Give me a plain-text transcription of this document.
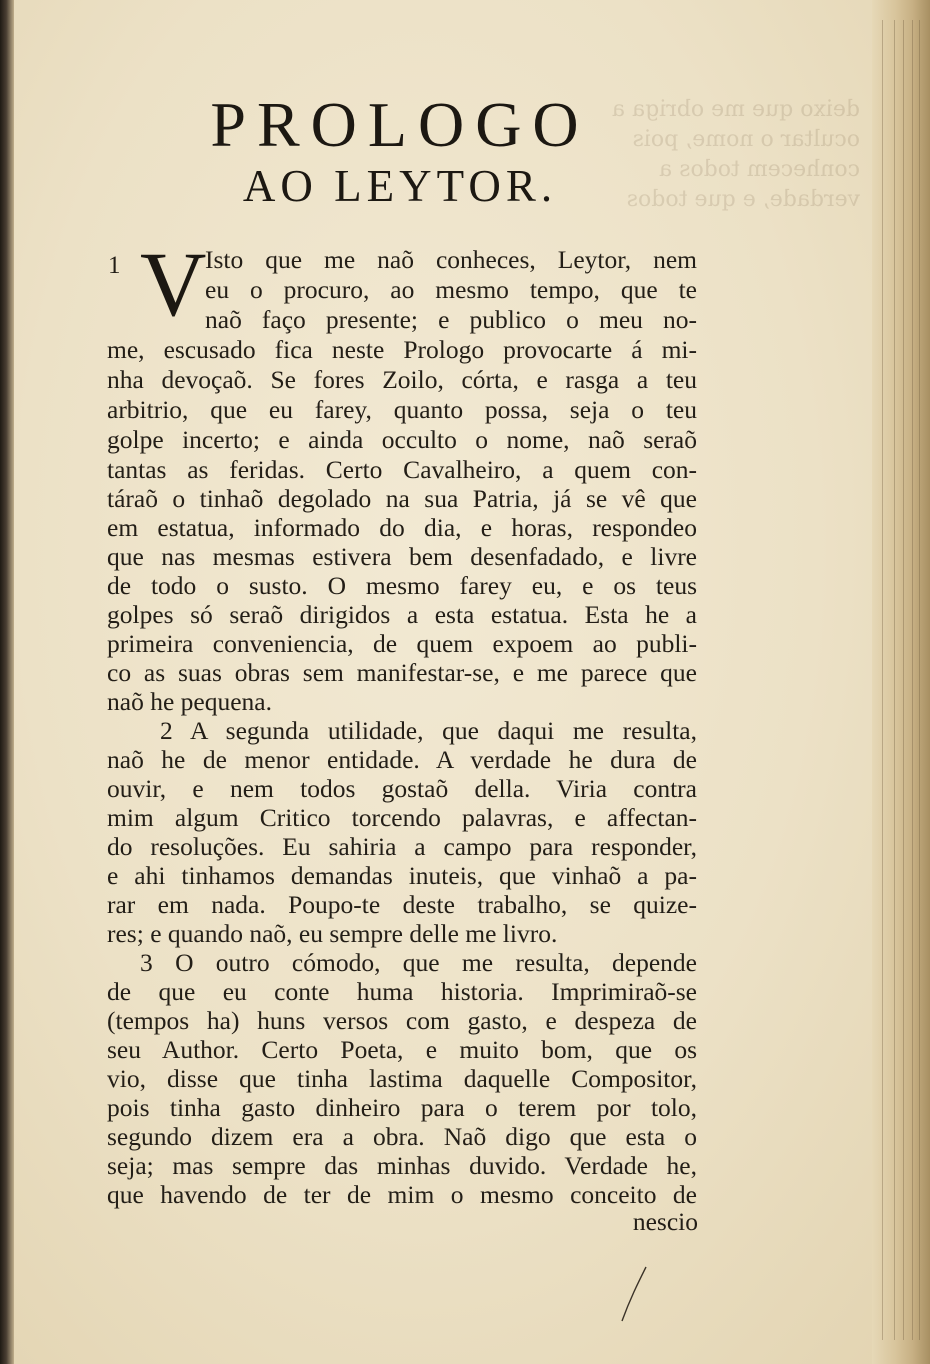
deixo que me obriga a ocultar o nome, pois conhecem todos a verdade, e que todos
PROLOGO
AO LEYTOR.
1 V
Isto que me naõ conheces, Leytor, nem
eu o procuro, ao mesmo tempo, que te
naõ faço presente; e publico o meu no-
me, escusado fica neste Prologo provocarte á mi-
nha devoçaõ. Se fores Zoilo, córta, e rasga a teu
arbitrio, que eu farey, quanto possa, seja o teu
golpe incerto; e ainda occulto o nome, naõ seraõ
tantas as feridas. Certo Cavalheiro, a quem con-
táraõ o tinhaõ degolado na sua Patria, já se vê que
em estatua, informado do dia, e horas, respondeo
que nas mesmas estivera bem desenfadado, e livre
de todo o susto. O mesmo farey eu, e os teus
golpes só seraõ dirigidos a esta estatua. Esta he a
primeira conveniencia, de quem expoem ao publi-
co as suas obras sem manifestar-se, e me parece que
naõ he pequena.
2 A segunda utilidade, que daqui me resulta,
naõ he de menor entidade. A verdade he dura de
ouvir, e nem todos gostaõ della. Viria contra
mim algum Critico torcendo palavras, e affectan-
do resoluções. Eu sahiria a campo para responder,
e ahi tinhamos demandas inuteis, que vinhaõ a pa-
rar em nada. Poupo-te deste trabalho, se quize-
res; e quando naõ, eu sempre delle me livro.
3 O outro cómodo, que me resulta, depende
de que eu conte huma historia. Imprimiraõ-se
(tempos ha) huns versos com gasto, e despeza de
seu Author. Certo Poeta, e muito bom, que os
vio, disse que tinha lastima daquelle Compositor,
pois tinha gasto dinheiro para o terem por tolo,
segundo dizem era a obra. Naõ digo que esta o
seja; mas sempre das minhas duvido. Verdade he,
que havendo de ter de mim o mesmo conceito de
nescio
